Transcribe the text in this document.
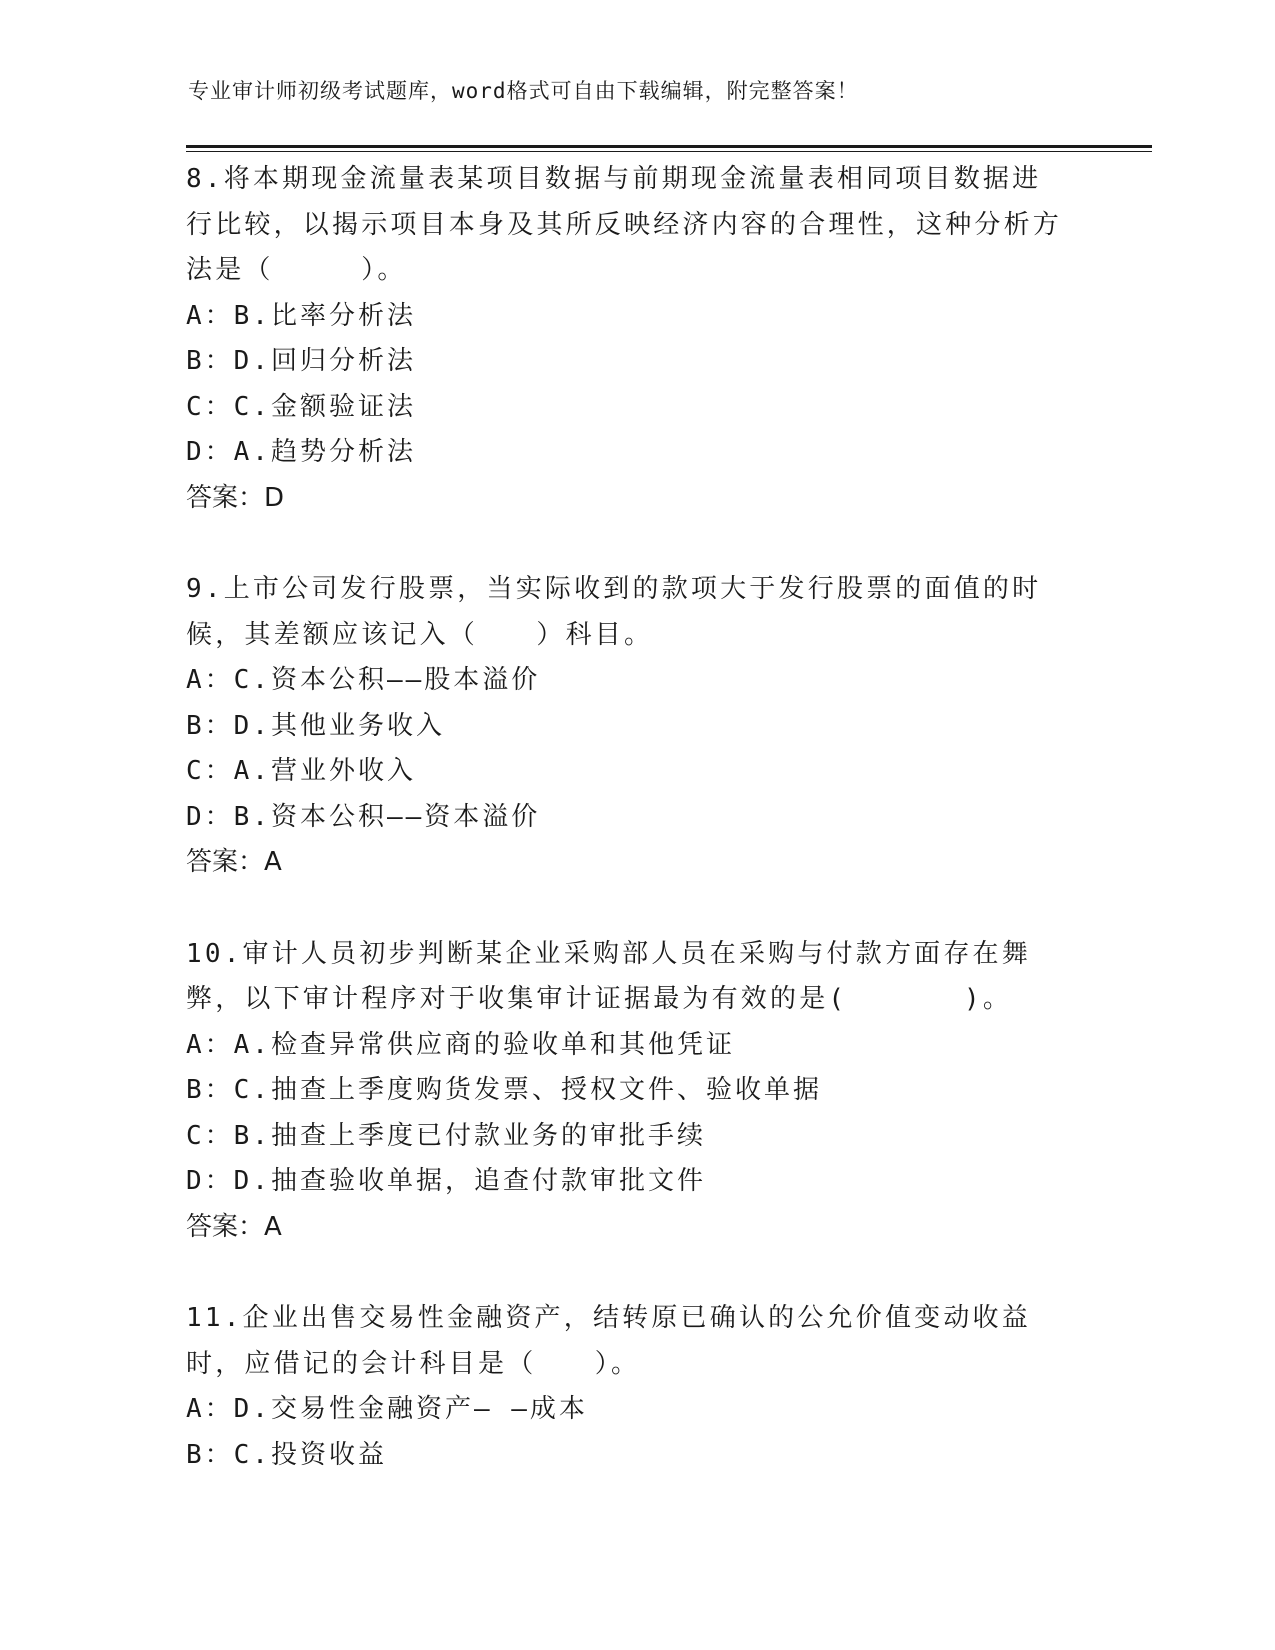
专业审计师初级考试题库，word格式可自由下载编辑，附完整答案！

8.将本期现金流量表某项目数据与前期现金流量表相同项目数据进行比较，以揭示项目本身及其所反映经济内容的合理性，这种分析方法是（　　　）。

A：B.比率分析法

B：D.回归分析法

C：C.金额验证法

D：A.趋势分析法

答案：D

9.上市公司发行股票，当实际收到的款项大于发行股票的面值的时候，其差额应该记入（　　）科目。

A：C.资本公积——股本溢价

B：D.其他业务收入

C：A.营业外收入

D：B.资本公积——资本溢价

答案：A

10.审计人员初步判断某企业采购部人员在采购与付款方面存在舞弊，以下审计程序对于收集审计证据最为有效的是(　　　　)。

A：A.检查异常供应商的验收单和其他凭证

B：C.抽查上季度购货发票、授权文件、验收单据

C：B.抽查上季度已付款业务的审批手续

D：D.抽查验收单据，追查付款审批文件

答案：A

11.企业出售交易性金融资产，结转原已确认的公允价值变动收益时，应借记的会计科目是（　　）。

A：D.交易性金融资产— —成本

B：C.投资收益
